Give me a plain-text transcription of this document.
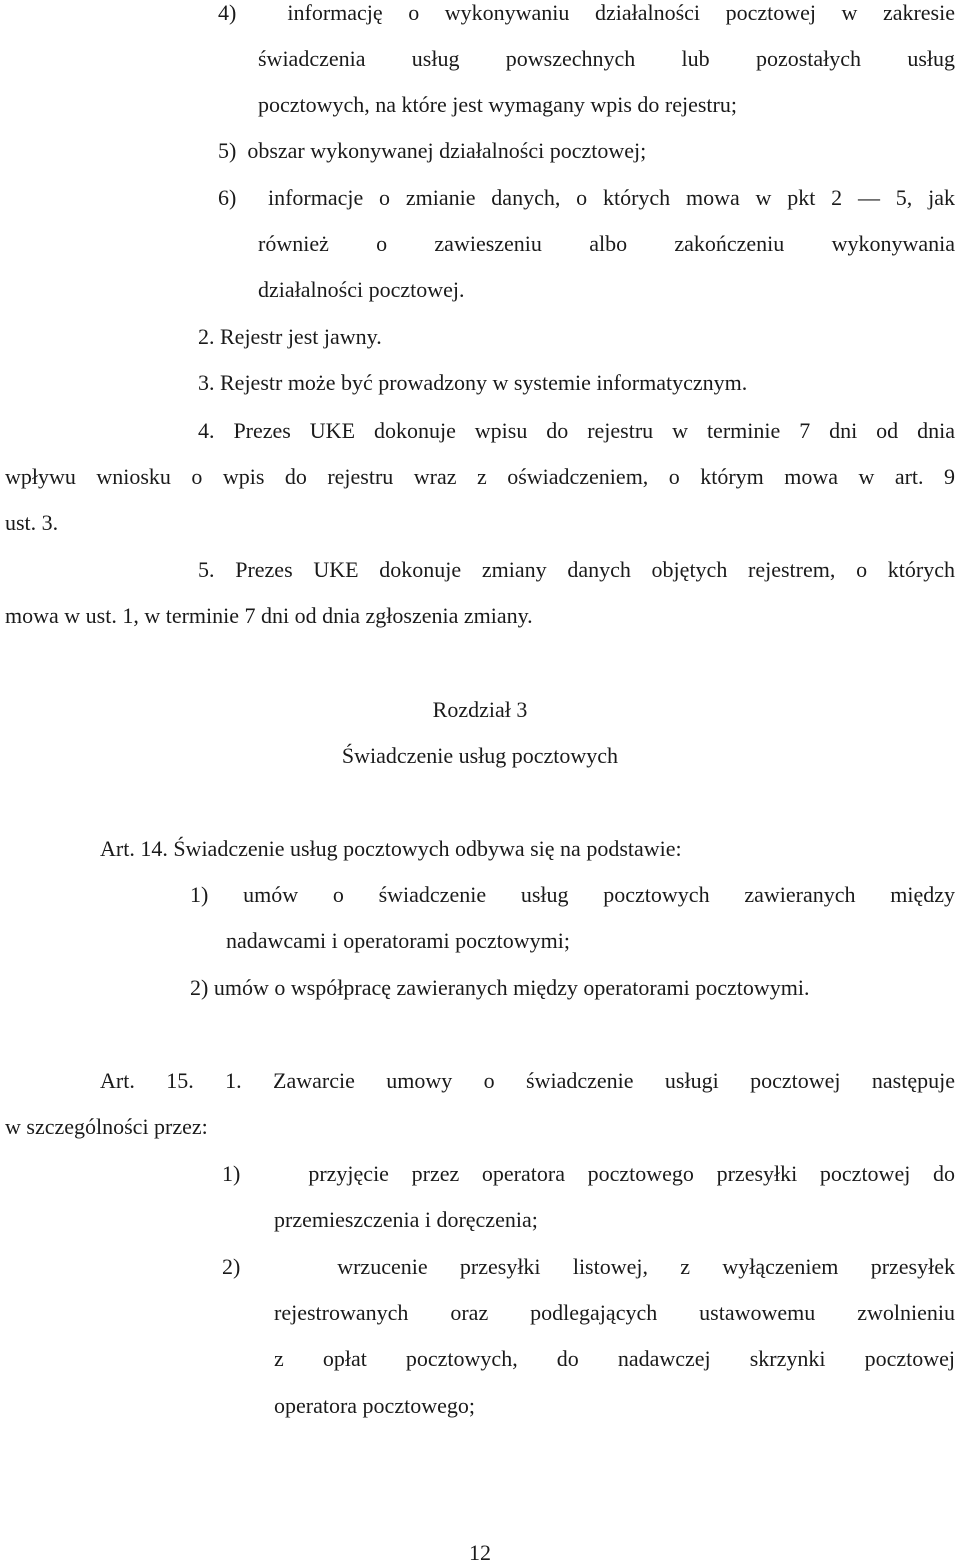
4)  informację o wykonywaniu działalności pocztowej w zakresie
świadczenia usług powszechnych lub pozostałych usług
pocztowych, na które jest wymagany wpis do rejestru;
5)  obszar wykonywanej działalności pocztowej;
6)  informacje o zmianie danych, o których mowa w pkt 2 ― 5, jak
również o zawieszeniu albo zakończeniu wykonywania
działalności pocztowej.
2. Rejestr jest jawny.
3. Rejestr może być prowadzony w systemie informatycznym.
4. Prezes UKE dokonuje wpisu do rejestru w terminie 7 dni od dnia
wpływu wniosku o wpis do rejestru wraz z oświadczeniem, o którym mowa w art. 9
ust. 3.
5. Prezes UKE dokonuje zmiany danych objętych rejestrem, o których
mowa w ust. 1, w terminie 7 dni od dnia zgłoszenia zmiany.
Rozdział 3
Świadczenie usług pocztowych
Art. 14. Świadczenie usług pocztowych odbywa się na podstawie:
1) umów o świadczenie usług pocztowych zawieranych między
nadawcami i operatorami pocztowymi;
2) umów o współpracę zawieranych między operatorami pocztowymi.
Art. 15. 1. Zawarcie umowy o świadczenie usługi pocztowej następuje
w szczególności przez:
1)   przyjęcie przez operatora pocztowego przesyłki pocztowej do
przemieszczenia i doręczenia;
2)   wrzucenie przesyłki listowej, z wyłączeniem przesyłek
rejestrowanych oraz podlegających ustawowemu zwolnieniu
z opłat pocztowych, do nadawczej skrzynki pocztowej
operatora pocztowego;
12
